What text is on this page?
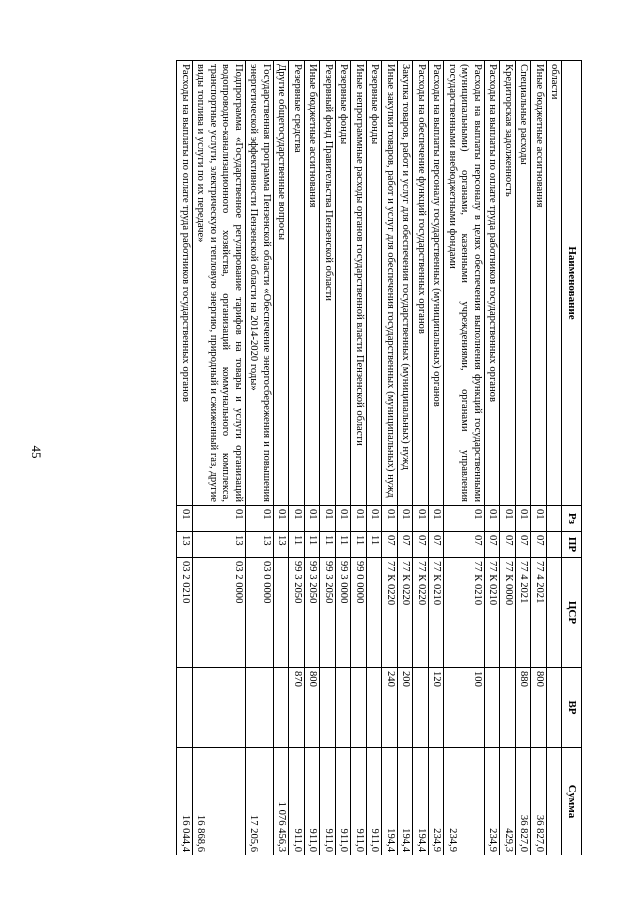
45
Наименование	Рз	ПР	ЦСР	ВР	Сумма
области					
Иные бюджетные ассигнования	01	07	77 4 2021	800	36 827,0
Специальные расходы	01	07	77 4 2021	880	36 827,0
Кредиторская задолженность	01	07	77 К 0000		429,3
Расходы на выплаты по оплате труда работников государственных органов	01	07	77 К 0210		234,9
Расходы на выплаты персоналу в целях обеспечения выполнения функций государственными (муниципальными) органами, казенными учреждениями, органами управления государственными внебюджетными фондами	01	07	77 К 0210	100	234,9
Расходы на выплаты персоналу государственных (муниципальных) органов	01	07	77 К 0210	120	234,9
Расходы на обеспечение функций государственных органов	01	07	77 К 0220		194,4
Закупка товаров, работ и услуг для обеспечения государственных (муниципальных) нужд	01	07	77 К 0220	200	194,4
Иные закупки товаров, работ и услуг для обеспечения государственных (муниципальных) нужд	01	07	77 К 0220	240	194,4
Резервные фонды	01	11			911,0
Иные непрограммные расходы органов государственной власти Пензенской области	01	11	99 0 0000		911,0
Резервные фонды	01	11	99 3 0000		911,0
Резервный фонд Правительства Пензенской области	01	11	99 3 2050		911,0
Иные бюджетные ассигнования	01	11	99 3 2050	800	911,0
Резервные средства	01	11	99 3 2050	870	911,0
Другие общегосударственные вопросы	01	13			1 076 456,3
Государственная программа Пензенской области «Обеспечение энергосбережения и повышения энергетической эффективности Пензенской области на 2014-2020 годы»	01	13	03 0 0000		17 205,6
Подпрограмма «Государственное регулирование тарифов на товары и услуги организаций водопроводно-канализационного хозяйства, организаций коммунального комплекса, транспортные услуги, электрическую и тепловую энергию, природный и сжиженный газ, другие виды топлива и услуги по их передаче»	01	13	03 2 0000		16 868,6
Расходы на выплаты по оплате труда работников государственных органов	01	13	03 2 0210		16 044,4
